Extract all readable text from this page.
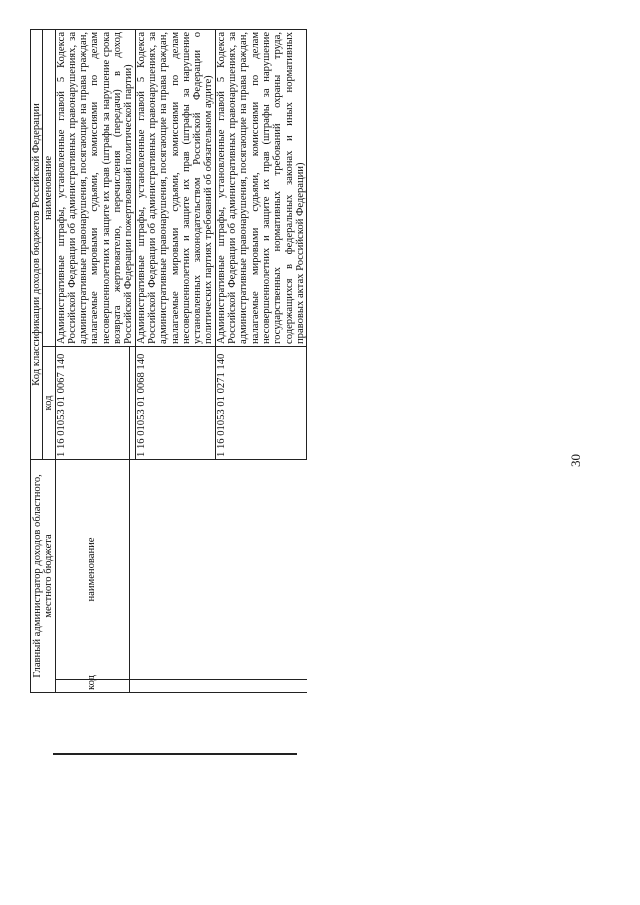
30
Главный администратор доходов областного, местного бюджета		Код классификации доходов бюджетов Российской Федерации	
		код	наименование
код	наименование	1 16 01053 01 0067 140	Административные штрафы, установленные главой 5 Кодекса Российской Федерации об административных правонарушениях, за административные правонарушения, посягающие на права граждан, налагаемые мировыми судьями, комиссиями по делам несовершеннолетних и защите их прав (штрафы за нарушение срока возврата жертвователю, перечисления (передачи) в доход Российской Федерации пожертвований политической партии)

		1 16 01053 01 0068 140	Административные штрафы, установленные главой 5 Кодекса Российской Федерации об административных правонарушениях, за административные правонарушения, посягающие на права граждан, налагаемые мировыми судьями, комиссиями по делам несовершеннолетних и защите их прав (штрафы за нарушение установленных законодательством Российской Федерации о политических партиях требований об обязательном аудите)
		1 16 01053 01 0271 140	Административные штрафы, установленные главой 5 Кодекса Российской Федерации об административных правонарушениях, за административные правонарушения, посягающие на права граждан, налагаемые мировыми судьями, комиссиями по делам несовершеннолетних и защите их прав (штрафы за нарушение государственных нормативных требований охраны труда, содержащихся в федеральных законах и иных нормативных правовых актах Российской Федерации)
